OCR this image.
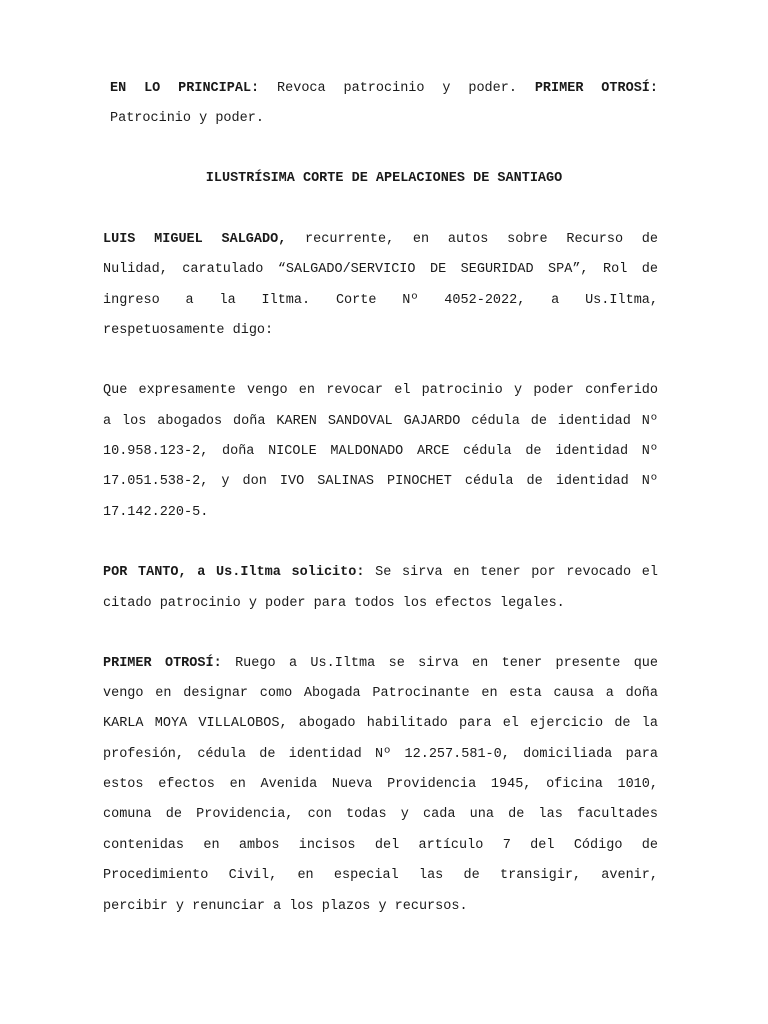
EN LO PRINCIPAL: Revoca patrocinio y poder. PRIMER OTROSÍ:
Patrocinio y poder.
ILUSTRÍSIMA CORTE DE APELACIONES DE SANTIAGO
LUIS MIGUEL SALGADO, recurrente, en autos sobre Recurso de
Nulidad, caratulado “SALGADO/SERVICIO DE SEGURIDAD SPA”, Rol de
ingreso a la Iltma. Corte Nº 4052-2022, a Us.Iltma,
respetuosamente digo:
Que expresamente vengo en revocar el patrocinio y poder conferido
a los abogados doña KAREN SANDOVAL GAJARDO cédula de identidad Nº
10.958.123-2, doña NICOLE MALDONADO ARCE cédula de identidad Nº
17.051.538-2, y don IVO SALINAS PINOCHET cédula de identidad Nº
17.142.220-5.
POR TANTO, a Us.Iltma solicito: Se sirva en tener por revocado el
citado patrocinio y poder para todos los efectos legales.
PRIMER OTROSÍ: Ruego a Us.Iltma se sirva en tener presente que
vengo en designar como Abogada Patrocinante en esta causa a doña
KARLA MOYA VILLALOBOS, abogado habilitado para el ejercicio de la
profesión, cédula de identidad Nº 12.257.581-0, domiciliada para
estos efectos en Avenida Nueva Providencia 1945, oficina 1010,
comuna de Providencia, con todas y cada una de las facultades
contenidas en ambos incisos del artículo 7 del Código de
Procedimiento Civil, en especial las de transigir, avenir,
percibir y renunciar a los plazos y recursos.
